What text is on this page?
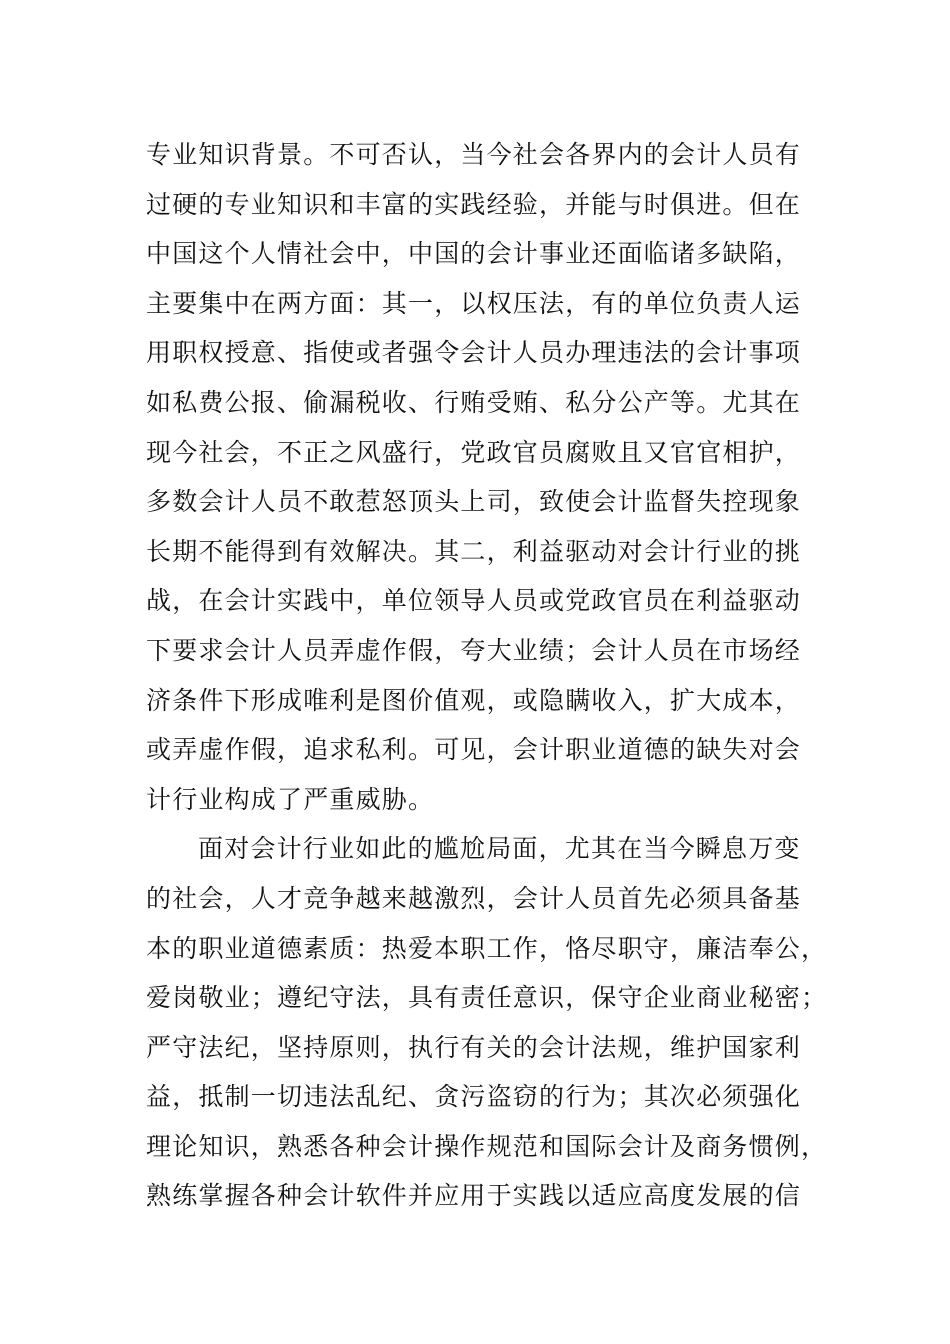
专业知识背景。不可否认，当今社会各界内的会计人员有
过硬的专业知识和丰富的实践经验，并能与时俱进。但在
中国这个人情社会中，中国的会计事业还面临诸多缺陷，
主要集中在两方面：其一，以权压法，有的单位负责人运
用职权授意、指使或者强令会计人员办理违法的会计事项
如私费公报、偷漏税收、行贿受贿、私分公产等。尤其在
现今社会，不正之风盛行，党政官员腐败且又官官相护，
多数会计人员不敢惹怒顶头上司，致使会计监督失控现象
长期不能得到有效解决。其二，利益驱动对会计行业的挑
战，在会计实践中，单位领导人员或党政官员在利益驱动
下要求会计人员弄虚作假，夸大业绩；会计人员在市场经
济条件下形成唯利是图价值观，或隐瞒收入，扩大成本，
或弄虚作假，追求私利。可见，会计职业道德的缺失对会
计行业构成了严重威胁。
面对会计行业如此的尴尬局面，尤其在当今瞬息万变
的社会，人才竞争越来越激烈，会计人员首先必须具备基
本的职业道德素质：热爱本职工作，恪尽职守，廉洁奉公，
爱岗敬业；遵纪守法，具有责任意识，保守企业商业秘密；
严守法纪，坚持原则，执行有关的会计法规，维护国家利
益，抵制一切违法乱纪、贪污盗窃的行为；其次必须强化
理论知识，熟悉各种会计操作规范和国际会计及商务惯例，
熟练掌握各种会计软件并应用于实践以适应高度发展的信
